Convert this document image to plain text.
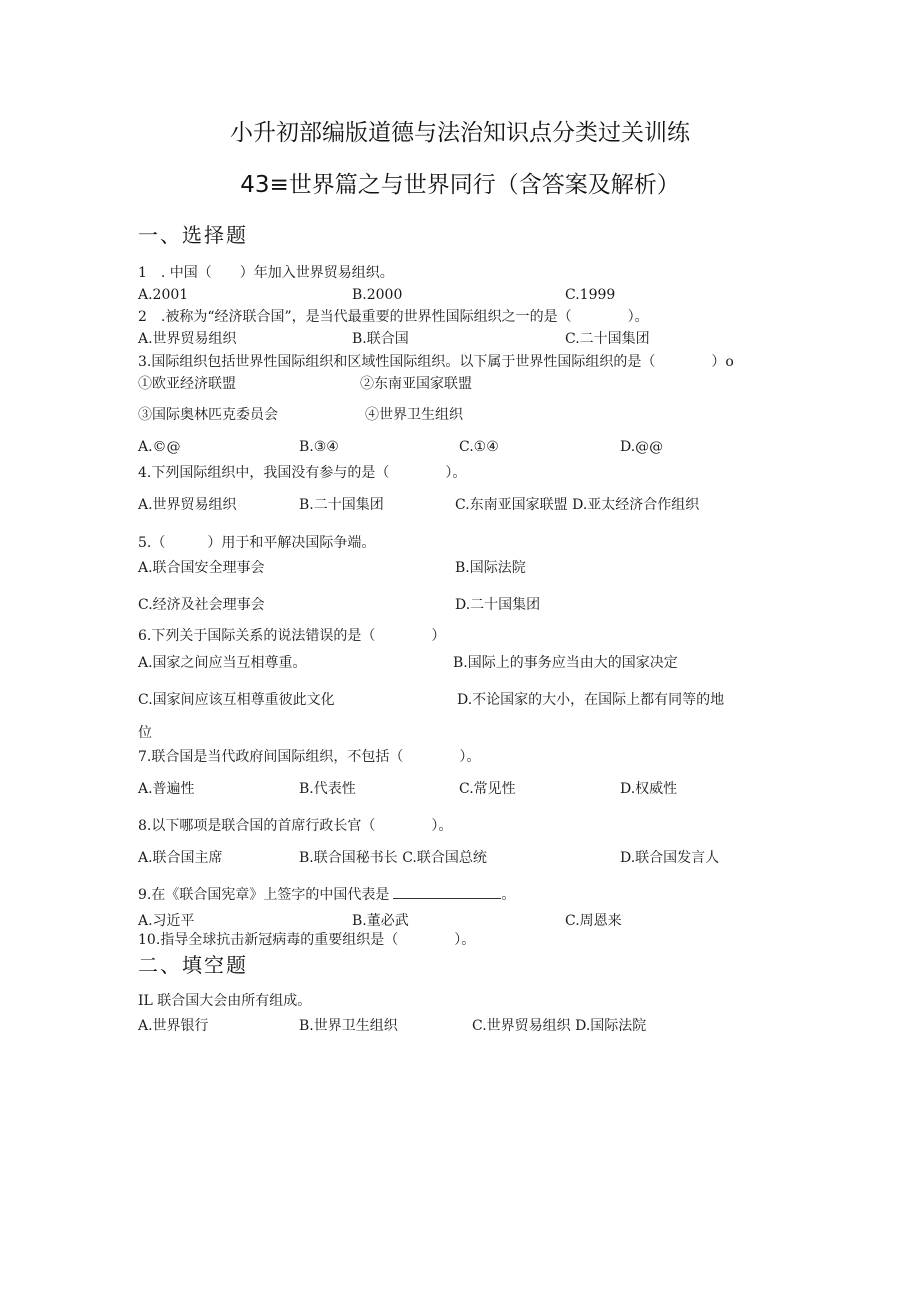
小升初部编版道德与法治知识点分类过关训练
43≡世界篇之与世界同行（含答案及解析）
一、选择题
1　. 中国（　　）年加入世界贸易组织。
A.2001	B.2000	C.1999
2　.被称为“经济联合国”，是当代最重要的世界性国际组织之一的是（　　　　）。
A.世界贸易组织	B.联合国	C.二十国集团
3.国际组织包括世界性国际组织和区域性国际组织。以下属于世界性国际组织的是（　　　　）o
①欧亚经济联盟	②东南亚国家联盟
③国际奥林匹克委员会	④世界卫生组织
A.©@	B.③④	C.①④	D.@@
4.下列国际组织中，我国没有参与的是（　　　　）。
A.世界贸易组织	B.二十国集团	C.东南亚国家联盟 D.亚太经济合作组织
5.（　　　）用于和平解决国际争端。
A.联合国安全理事会	B.国际法院
C.经济及社会理事会	D.二十国集团
6.下列关于国际关系的说法错误的是（　　　　）
A.国家之间应当互相尊重。	B.国际上的事务应当由大的国家决定
C.国家间应该互相尊重彼此文化	D.不论国家的大小，在国际上都有同等的地
位
7.联合国是当代政府间国际组织，不包括（　　　　）。
A.普遍性	B.代表性	C.常见性	D.权威性
8.以下哪项是联合国的首席行政长官（　　　　）。
A.联合国主席	B.联合国秘书长 C.联合国总统	D.联合国发言人
9.在《联合国宪章》上签字的中国代表是	。
A.习近平	B.董必武	C.周恩来
10.指导全球抗击新冠病毒的重要组织是（　　　　）。
二、填空题
IL 联合国大会由所有组成。
A.世界银行	B.世界卫生组织	C.世界贸易组织 D.国际法院
